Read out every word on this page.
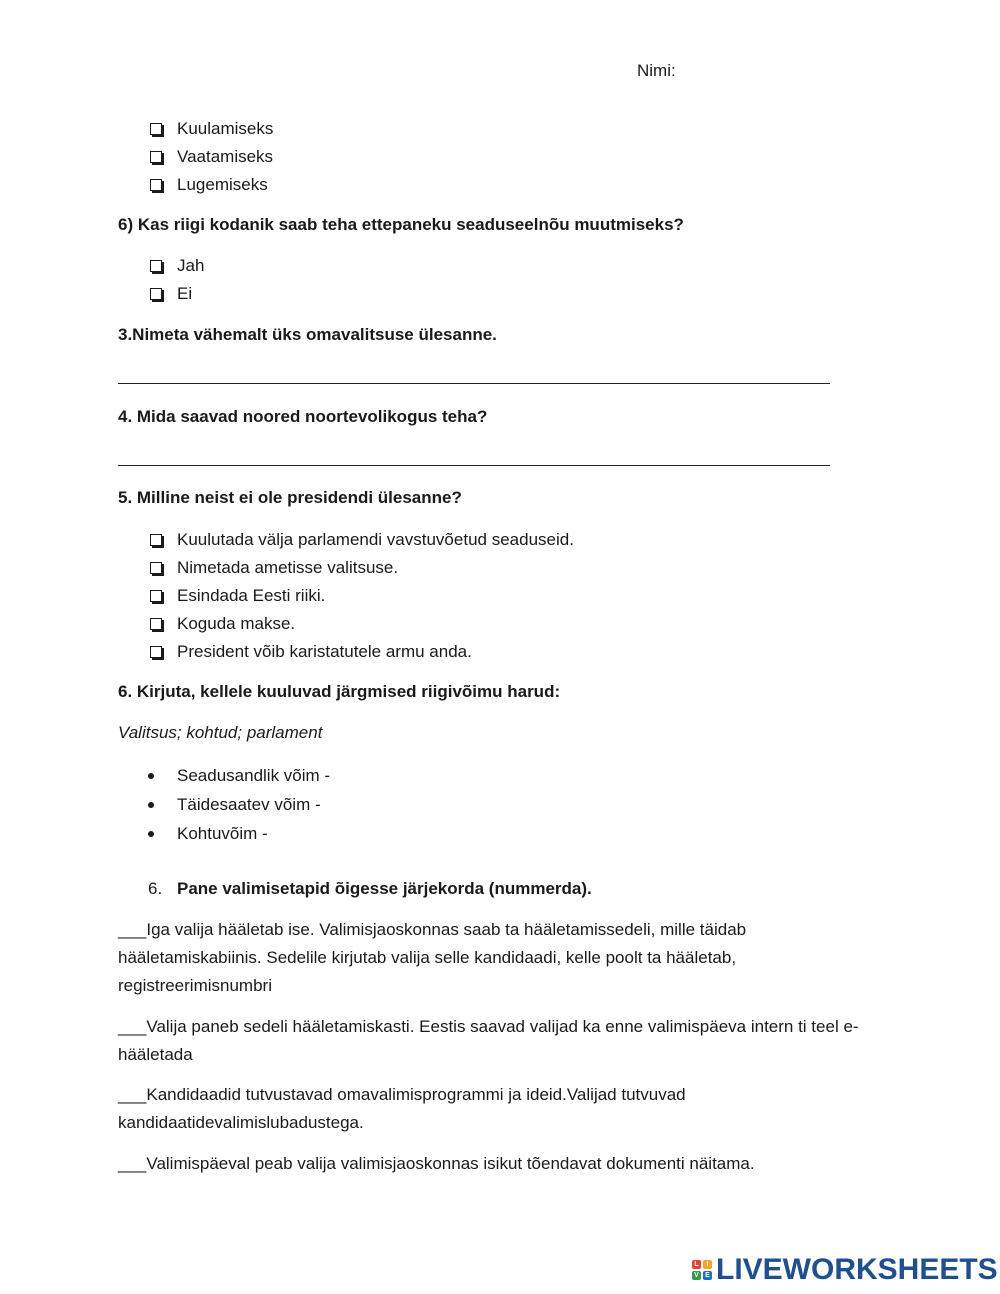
Nimi:
Kuulamiseks
Vaatamiseks
Lugemiseks
6) Kas riigi kodanik saab teha ettepaneku seaduseelnõu muutmiseks?
Jah
Ei
3.Nimeta vähemalt üks omavalitsuse ülesanne.
4. Mida saavad noored noortevolikogus teha?
5. Milline neist ei ole presidendi ülesanne?
Kuulutada välja parlamendi vavstuvõetud seaduseid.
Nimetada ametisse valitsuse.
Esindada Eesti riiki.
Koguda makse.
President võib karistatutele armu anda.
6. Kirjuta, kellele kuuluvad järgmised riigivõimu harud:
Valitsus; kohtud; parlament
Seadusandlik võim -
Täidesaatev võim -
Kohtuvõim -
6. Pane valimisetapid õigesse järjekorda (nummerda).
___Iga valija hääletab ise. Valimisjaoskonnas saab ta hääletamissedeli, mille täidab hääletamiskabiinis. Sedelile kirjutab valija selle kandidaadi, kelle poolt ta hääletab, registreerimisnumbri
___Valija paneb sedeli hääletamiskasti. Eestis saavad valijad ka enne valimispäeva intern ti teel e-hääletada
___Kandidaadid tutvustavad omavalimisprogrammi ja ideid.Valijad tutvuvad kandidaatidevalimislubadustega.
___Valimispäeval peab valija valimisjaoskonnas isikut tõendavat dokumenti näitama.
L	I
V E LIVEWORKSHEETS
